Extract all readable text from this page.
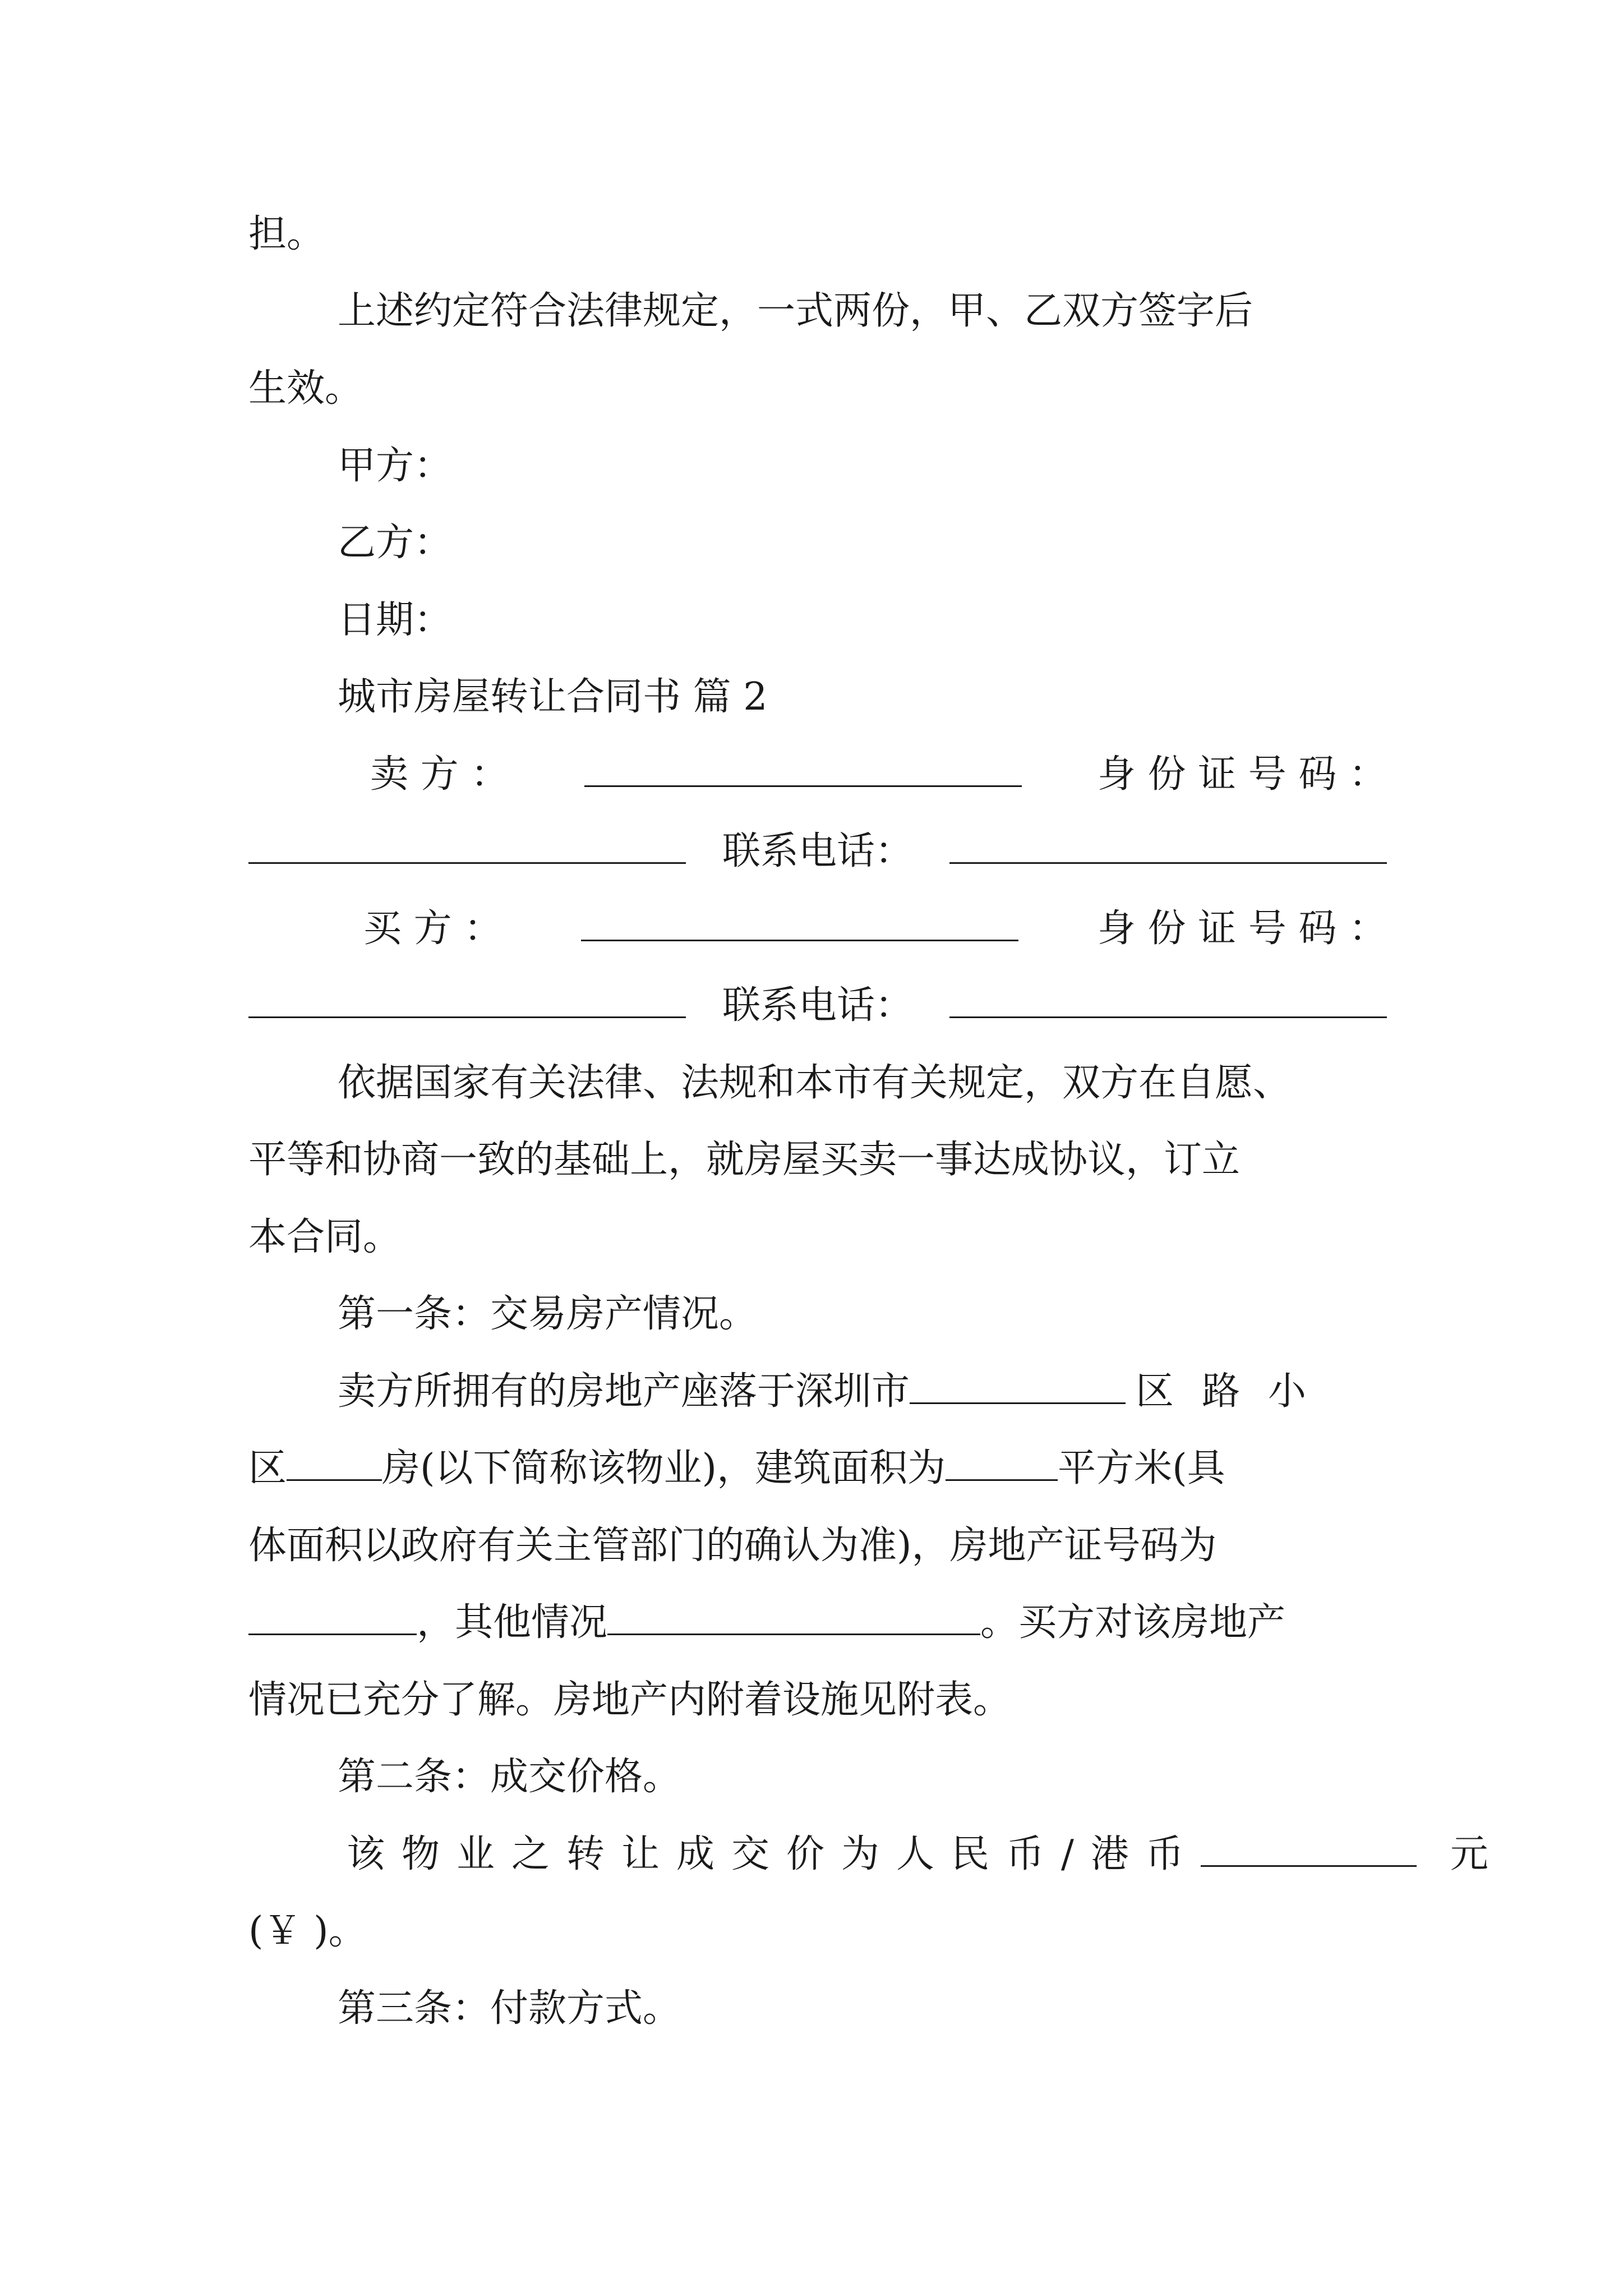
担。
上述约定符合法律规定，一式两份，甲、乙双方签字后
生效。
甲方：
乙方：
日期：
城市房屋转让合同书 篇 2
卖 方 ：	身 份 证 号 码 ：
联系电话：
买 方 ：	身 份 证 号 码 ：
联系电话：
依据国家有关法律、法规和本市有关规定，双方在自愿、
平等和协商一致的基础上，就房屋买卖一事达成协议，订立
本合同。
第一条：交易房产情况。
卖方所拥有的房地产座落于深圳市	区 路 小
区	房(以下简称该物业)，建筑面积为	平方米(具
体面积以政府有关主管部门的确认为准)，房地产证号码为
，其他情况	。买方对该房地产
情况已充分了解。房地产内附着设施见附表。
第二条：成交价格。
该物业之转让成交价为人民币/港币	元
(￥ )。
第三条：付款方式。
